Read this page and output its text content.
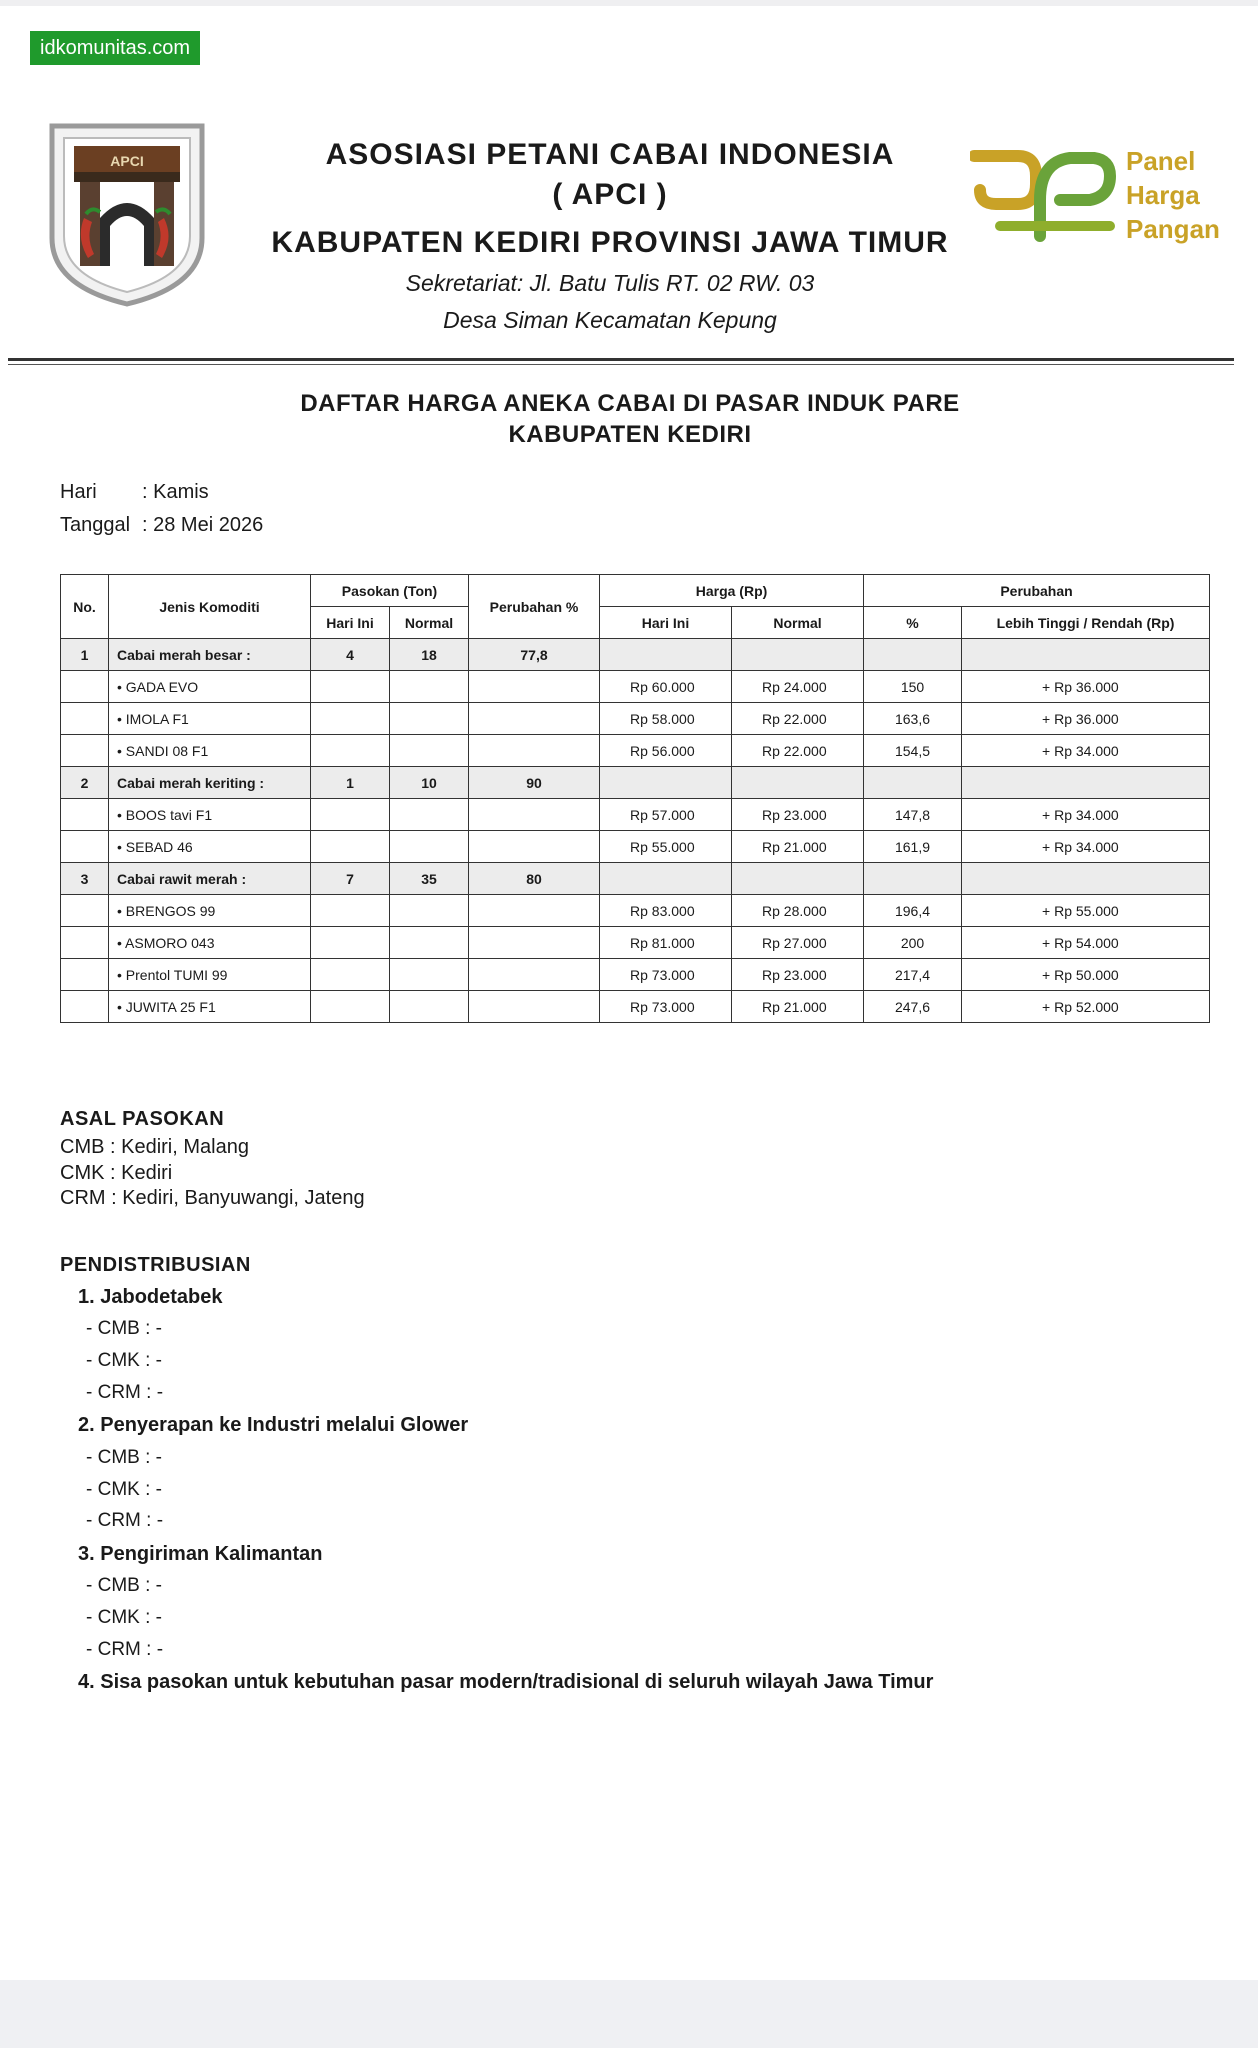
idkomunitas.com
APCI	ASOSIASI PETANI CABAI INDONESIA
( APCI )
KABUPATEN KEDIRI PROVINSI JAWA TIMUR
Sekretariat: Jl. Batu Tulis RT. 02 RW. 03
Desa Siman Kecamatan Kepung
Panel
Harga
Pangan
DAFTAR HARGA ANEKA CABAI DI PASAR INDUK PARE
KABUPATEN KEDIRI
Hari : Kamis
Tanggal : 28 Mei 2026
No.	Jenis Komoditi	Pasokan (Ton)		Perubahan %	Harga (Rp)		Perubahan	
		Hari Ini	Normal		Hari Ini	Normal	%	Lebih Tinggi / Rendah (Rp)
1	Cabai merah besar :	4	18	77,8				
	• GADA EVO				Rp 60.000	Rp 24.000	150	+ Rp 36.000
	• IMOLA F1				Rp 58.000	Rp 22.000	163,6	+ Rp 36.000
	• SANDI 08 F1				Rp 56.000	Rp 22.000	154,5	+ Rp 34.000
2	Cabai merah keriting :	1	10	90				
	• BOOS tavi F1				Rp 57.000	Rp 23.000	147,8	+ Rp 34.000
	• SEBAD 46				Rp 55.000	Rp 21.000	161,9	+ Rp 34.000
3	Cabai rawit merah :	7	35	80				
	• BRENGOS 99				Rp 83.000	Rp 28.000	196,4	+ Rp 55.000
	• ASMORO 043				Rp 81.000	Rp 27.000	200	+ Rp 54.000
	• Prentol TUMI 99				Rp 73.000	Rp 23.000	217,4	+ Rp 50.000
	• JUWITA 25 F1				Rp 73.000	Rp 21.000	247,6	+ Rp 52.000
ASAL PASOKAN
CMB : Kediri, Malang
CMK : Kediri
CRM : Kediri, Banyuwangi, Jateng
PENDISTRIBUSIAN
1. Jabodetabek
- CMB : -
- CMK : -
- CRM : -
2. Penyerapan ke Industri melalui Glower
- CMB : -
- CMK : -
- CRM : -
3. Pengiriman Kalimantan
- CMB : -
- CMK : -
- CRM : -
4. Sisa pasokan untuk kebutuhan pasar modern/tradisional di seluruh wilayah Jawa Timur
